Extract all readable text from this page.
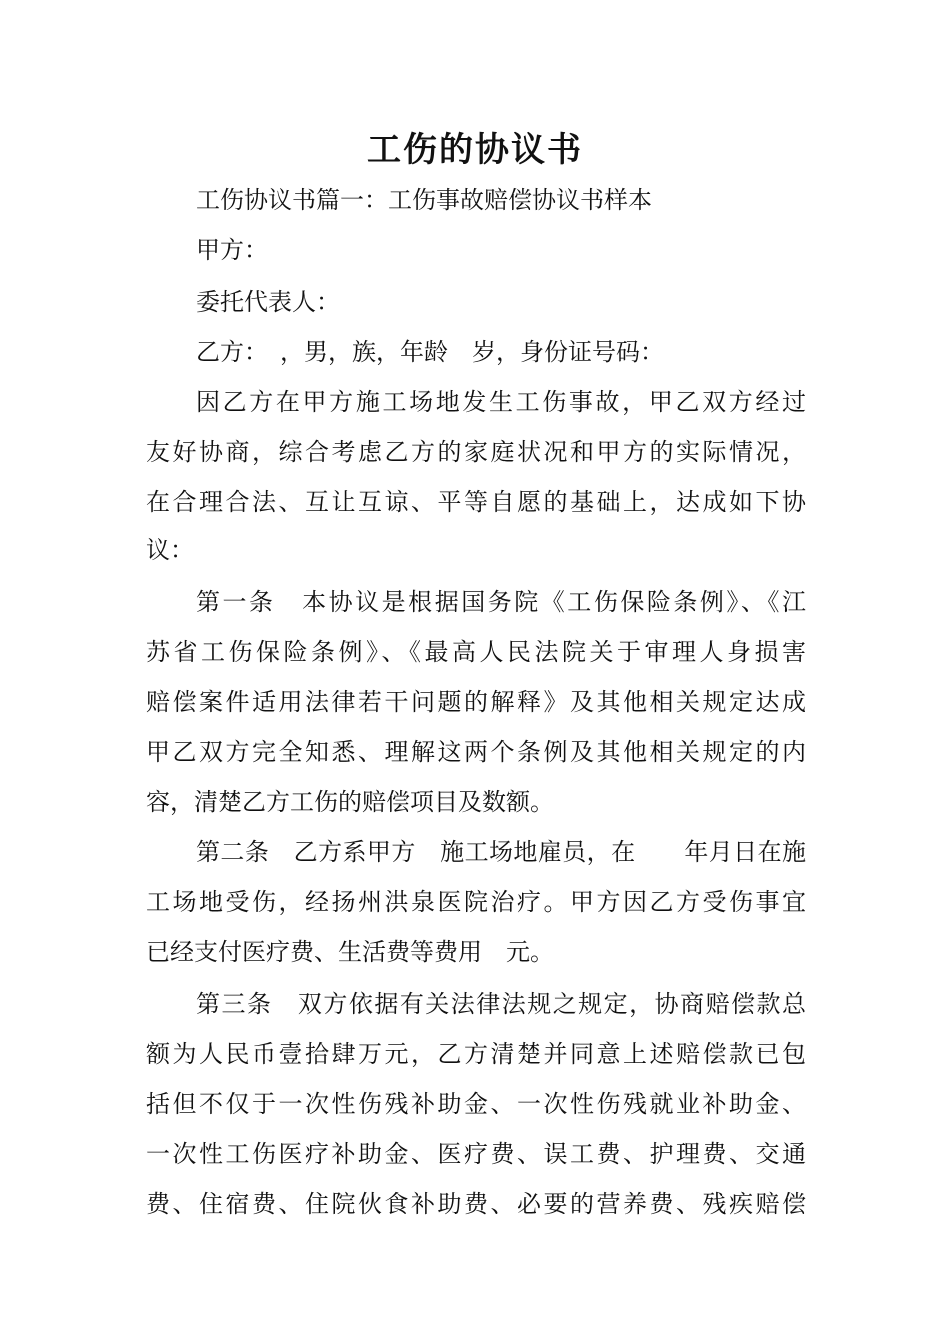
工伤的协议书
工伤协议书篇一：工伤事故赔偿协议书样本
甲方：
委托代表人：
乙方：　，男，族，年龄　岁，身份证号码：
因乙方在甲方施工场地发生工伤事故，甲乙双方经过
友好协商，综合考虑乙方的家庭状况和甲方的实际情况，
在合理合法、互让互谅、平等自愿的基础上，达成如下协
议：
第一条　本协议是根据国务院《工伤保险条例》、《江
苏省工伤保险条例》、《最高人民法院关于审理人身损害
赔偿案件适用法律若干问题的解释》及其他相关规定达成
甲乙双方完全知悉、理解这两个条例及其他相关规定的内
容，清楚乙方工伤的赔偿项目及数额。
第二条　乙方系甲方　施工场地雇员，在　　年月日在施
工场地受伤，经扬州洪泉医院治疗。甲方因乙方受伤事宜
已经支付医疗费、生活费等费用　元。
第三条　双方依据有关法律法规之规定，协商赔偿款总
额为人民币壹拾肆万元，乙方清楚并同意上述赔偿款已包
括但不仅于一次性伤残补助金、一次性伤残就业补助金、
一次性工伤医疗补助金、医疗费、误工费、护理费、交通
费、住宿费、住院伙食补助费、必要的营养费、残疾赔偿
